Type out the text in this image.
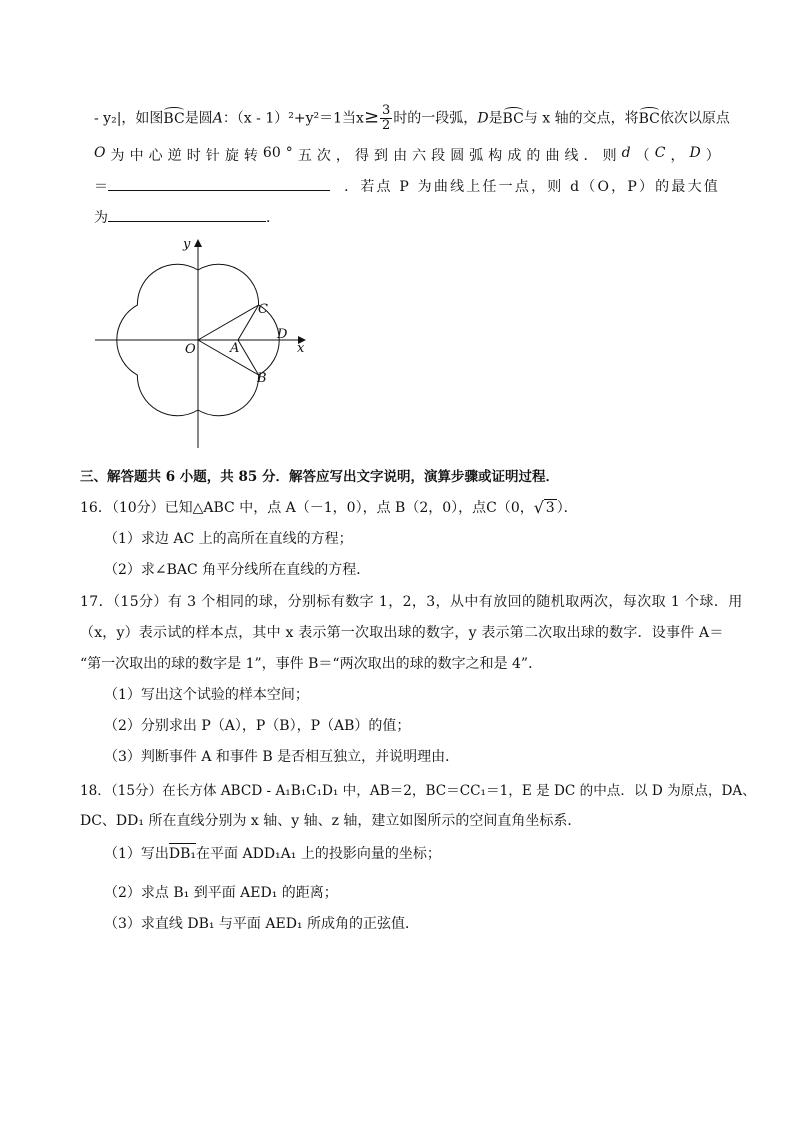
- y₂|，如图BC是圆A：（x - 1）²+y²＝1当$x\ge \frac{3}{2}$ 时的一段弧，D是BC与 x 轴的交点，将BC依次以原点
O 为 中 心 逆 时 针 旋 转 60 ° 五 次 ， 得 到 由 六 段 圆 弧 构 成 的 曲 线 ． 则 d （ C ， D ）
＝	．若点 P 为曲线上任一点，则 d（O，P）的最大值
为	．
y
x
O	A
C
D
B
三、解答题共 6 小题，共 85 分．解答应写出文字说明，演算步骤或证明过程．
16．（10分）已知△ABC 中，点 A（－1，0），点 B（2，0），点C（0， √ 3 ）．
（1）求边 AC 上的高所在直线的方程；
（2）求∠BAC 角平分线所在直线的方程．
17．（15分）有 3 个相同的球，分别标有数字 1，2，3，从中有放回的随机取两次，每次取 1 个球．用
（x，y）表示试的样本点，其中 x 表示第一次取出球的数字，y 表示第二次取出球的数字．设事件 A＝
“第一次取出的球的数字是 1”，事件 B＝“两次取出的球的数字之和是 4”．
（1）写出这个试验的样本空间；
（2）分别求出 P（A），P（B），P（AB）的值；
（3）判断事件 A 和事件 B 是否相互独立，并说明理由．
18．（15分）在长方体 ABCD - A₁B₁C₁D₁ 中，AB＝2，BC＝CC₁＝1，E 是 DC 的中点．以 D 为原点，DA、
DC、DD₁ 所在直线分别为 x 轴、y 轴、z 轴，建立如图所示的空间直角坐标系．
（1）写出DB₁在平面 ADD₁A₁ 上的投影向量的坐标；
（2）求点 B₁ 到平面 AED₁ 的距离；
（3）求直线 DB₁ 与平面 AED₁ 所成角的正弦值．
